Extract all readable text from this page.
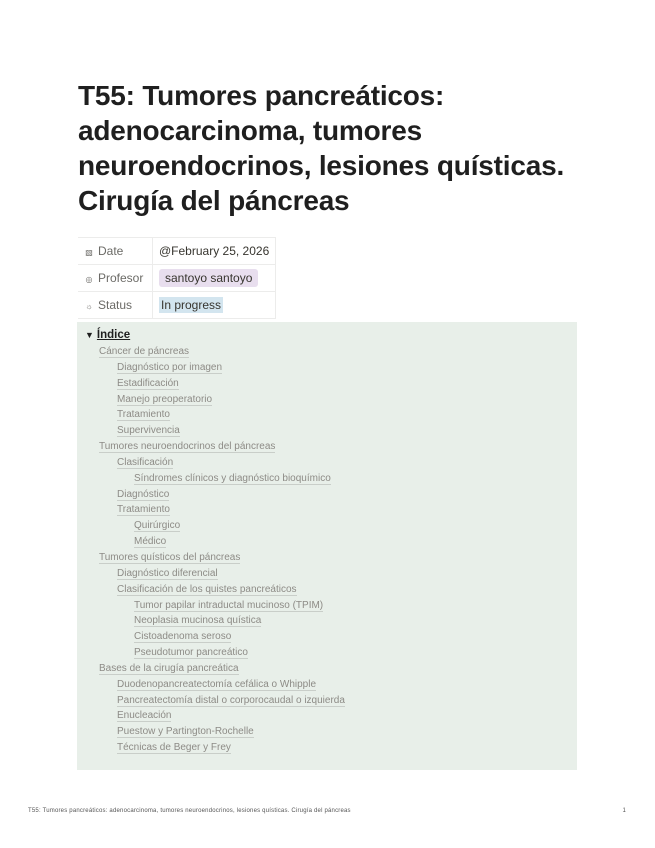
T55: Tumores pancreáticos: adenocarcinoma, tumores neuroendocrinos, lesiones quísticas. Cirugía del páncreas
▧ Date	@February 25, 2026
◎ Profesor	santoyo santoyo
☼ Status	In progress
▼ Índice
Cáncer de páncreas
Diagnóstico por imagen
Estadificación
Manejo preoperatorio
Tratamiento
Supervivencia
Tumores neuroendocrinos del páncreas
Clasificación
Síndromes clínicos y diagnóstico bioquímico
Diagnóstico
Tratamiento
Quirúrgico
Médico
Tumores quísticos del páncreas
Diagnóstico diferencial
Clasificación de los quistes pancreáticos
Tumor papilar intraductal mucinoso (TPIM)
Neoplasia mucinosa quística
Cistoadenoma seroso
Pseudotumor pancreático
Bases de la cirugía pancreática
Duodenopancreatectomía cefálica o Whipple
Pancreatectomía distal o corporocaudal o izquierda
Enucleación
Puestow y Partington-Rochelle
Técnicas de Beger y Frey
T55: Tumores pancreáticos: adenocarcinoma, tumores neuroendocrinos, lesiones quísticas. Cirugía del páncreas	1
